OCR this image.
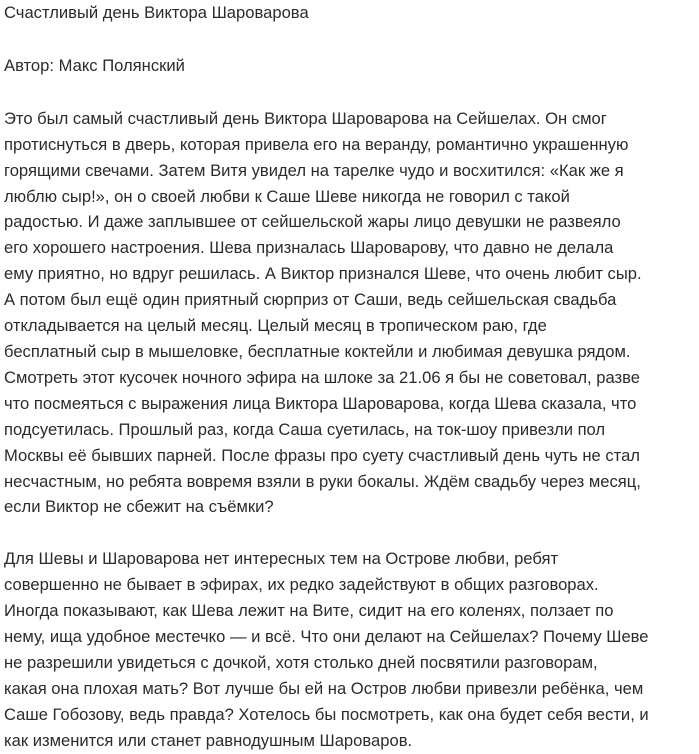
Счастливый день Виктора Шароварова

Автор: Макс Полянский

Это был самый счастливый день Виктора Шароварова на Сейшелах. Он смог
протиснуться в дверь, которая привела его на веранду, романтично украшенную
горящими свечами. Затем Витя увидел на тарелке чудо и восхитился: «Как же я
люблю сыр!», он о своей любви к Саше Шеве никогда не говорил с такой
радостью. И даже заплывшее от сейшельской жары лицо девушки не развеяло
его хорошего настроения. Шева призналась Шароварову, что давно не делала
ему приятно, но вдруг решилась. А Виктор признался Шеве, что очень любит сыр.
А потом был ещё один приятный сюрприз от Саши, ведь сейшельская свадьба
откладывается на целый месяц. Целый месяц в тропическом раю, где
бесплатный сыр в мышеловке, бесплатные коктейли и любимая девушка рядом.
Смотреть этот кусочек ночного эфира на шлоке за 21.06 я бы не советовал, разве
что посмеяться с выражения лица Виктора Шароварова, когда Шева сказала, что
подсуетилась. Прошлый раз, когда Саша суетилась, на ток-шоу привезли пол
Москвы её бывших парней. После фразы про суету счастливый день чуть не стал
несчастным, но ребята вовремя взяли в руки бокалы. Ждём свадьбу через месяц,
если Виктор не сбежит на съёмки?

Для Шевы и Шароварова нет интересных тем на Острове любви, ребят
совершенно не бывает в эфирах, их редко задействуют в общих разговорах.
Иногда показывают, как Шева лежит на Вите, сидит на его коленях, ползает по
нему, ища удобное местечко — и всё. Что они делают на Сейшелах? Почему Шеве
не разрешили увидеться с дочкой, хотя столько дней посвятили разговорам,
какая она плохая мать? Вот лучше бы ей на Остров любви привезли ребёнка, чем
Саше Гобозову, ведь правда? Хотелось бы посмотреть, как она будет себя вести, и
как изменится или станет равнодушным Шароваров.
